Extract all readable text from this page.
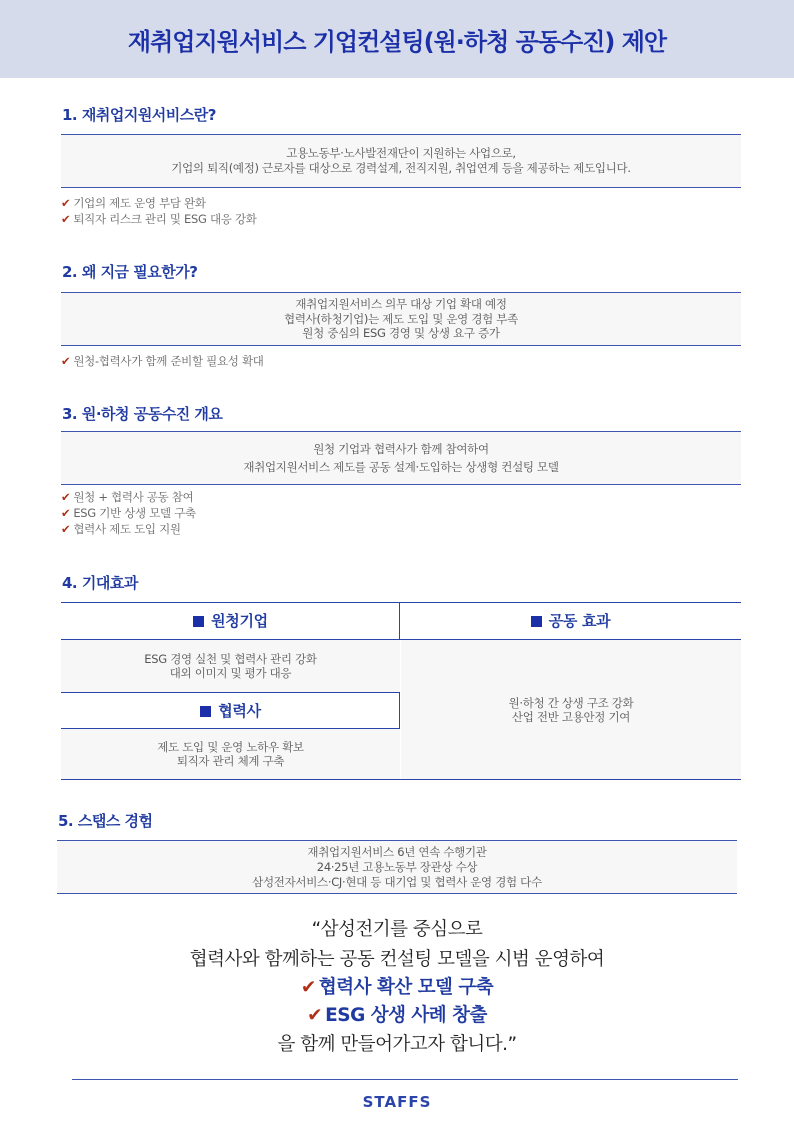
재취업지원서비스 기업컨설팅(원·하청 공동수진) 제안
1. 재취업지원서비스란?
고용노동부·노사발전재단이 지원하는 사업으로,
기업의 퇴직(예정) 근로자를 대상으로 경력설계, 전직지원, 취업연계 등을 제공하는 제도입니다.
✔ 기업의 제도 운영 부담 완화
✔ 퇴직자 리스크 관리 및 ESG 대응 강화
2. 왜 지금 필요한가?
재취업지원서비스 의무 대상 기업 확대 예정
협력사(하청기업)는 제도 도입 및 운영 경험 부족
원청 중심의 ESG 경영 및 상생 요구 증가
✔ 원청-협력사가 함께 준비할 필요성 확대
3. 원·하청 공동수진 개요
원청 기업과 협력사가 함께 참여하여
재취업지원서비스 제도를 공동 설계·도입하는 상생형 컨설팅 모델
✔ 원청 + 협력사 공동 참여
✔ ESG 기반 상생 모델 구축
✔ 협력사 제도 도입 지원
4. 기대효과
원청기업	공동 효과
ESG 경영 실천 및 협력사 관리 강화
대외 이미지 및 평가 대응
협력사
제도 도입 및 운영 노하우 확보
퇴직자 관리 체계 구축
원·하청 간 상생 구조 강화
산업 전반 고용안정 기여
5. 스탭스 경험
재취업지원서비스 6년 연속 수행기관
24·25년 고용노동부 장관상 수상
삼성전자서비스·CJ·현대 등 대기업 및 협력사 운영 경험 다수
“삼성전기를 중심으로
협력사와 함께하는 공동 컨설팅 모델을 시범 운영하여
✔ 협력사 확산 모델 구축
✔ ESG 상생 사례 창출
을 함께 만들어가고자 합니다.”
STAFFS
